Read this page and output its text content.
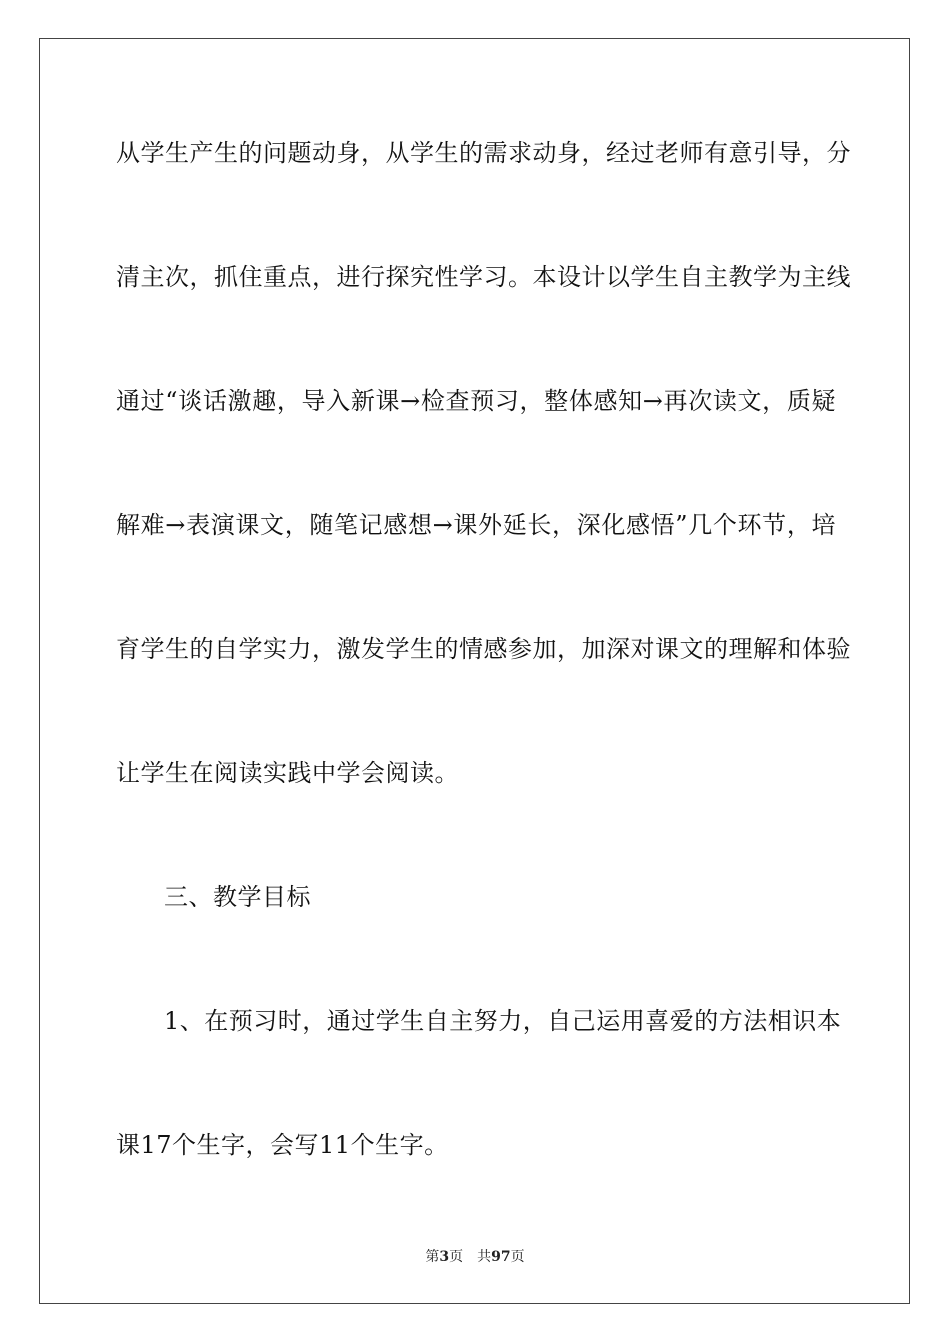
从学生产生的问题动身，从学生的需求动身，经过老师有意引导，分
清主次，抓住重点，进行探究性学习。本设计以学生自主教学为主线
通过“谈话激趣，导入新课→检查预习，整体感知→再次读文，质疑
解难→表演课文，随笔记感想→课外延长，深化感悟”几个环节，培
育学生的自学实力，激发学生的情感参加，加深对课文的理解和体验
让学生在阅读实践中学会阅读。
三、教学目标
1、在预习时，通过学生自主努力，自己运用喜爱的方法相识本
课17个生字，会写11个生字。
第3页 共97页
